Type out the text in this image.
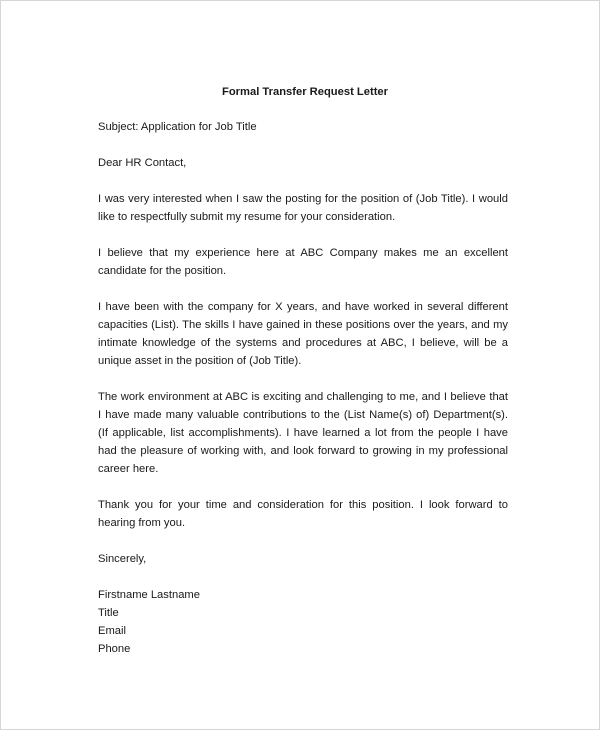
Formal Transfer Request Letter

Subject: Application for Job Title

Dear HR Contact,

I was very interested when I saw the posting for the position of (Job Title). I would like to respectfully submit my resume for your consideration.

I believe that my experience here at ABC Company makes me an excellent candidate for the position.

I have been with the company for X years, and have worked in several different capacities (List). The skills I have gained in these positions over the years, and my intimate knowledge of the systems and procedures at ABC, I believe, will be a unique asset in the position of (Job Title).

The work environment at ABC is exciting and challenging to me, and I believe that I have made many valuable contributions to the (List Name(s) of) Department(s). (If applicable, list accomplishments). I have learned a lot from the people I have had the pleasure of working with, and look forward to growing in my professional career here.

Thank you for your time and consideration for this position. I look forward to hearing from you.

Sincerely,

Firstname Lastname
Title
Email
Phone
